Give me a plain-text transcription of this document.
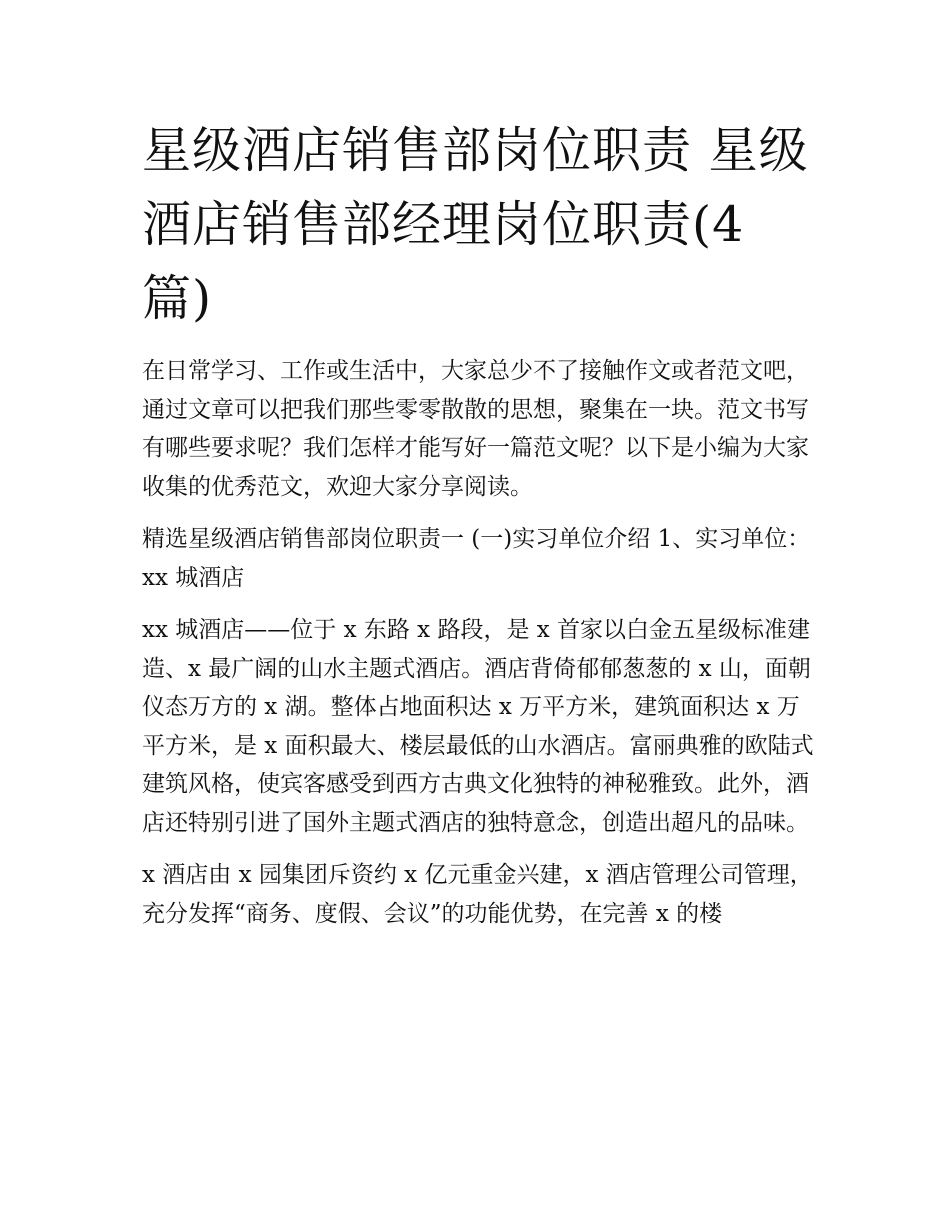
星级酒店销售部岗位职责 星级酒店销售部经理岗位职责(4篇)

在日常学习、工作或生活中，大家总少不了接触作文或者范文吧，通过文章可以把我们那些零零散散的思想，聚集在一块。范文书写有哪些要求呢？我们怎样才能写好一篇范文呢？以下是小编为大家收集的优秀范文，欢迎大家分享阅读。

精选星级酒店销售部岗位职责一 (一)实习单位介绍 1、实习单位：xx 城酒店

xx 城酒店——位于 x 东路 x 路段，是 x 首家以白金五星级标准建造、x 最广阔的山水主题式酒店。酒店背倚郁郁葱葱的 x 山，面朝仪态万方的 x 湖。整体占地面积达 x 万平方米，建筑面积达 x 万平方米，是 x 面积最大、楼层最低的山水酒店。富丽典雅的欧陆式建筑风格，使宾客感受到西方古典文化独特的神秘雅致。此外，酒店还特别引进了国外主题式酒店的独特意念，创造出超凡的品味。

x 酒店由 x 园集团斥资约 x 亿元重金兴建，x 酒店管理公司管理，充分发挥“商务、度假、会议”的功能优势，在完善 x 的楼
